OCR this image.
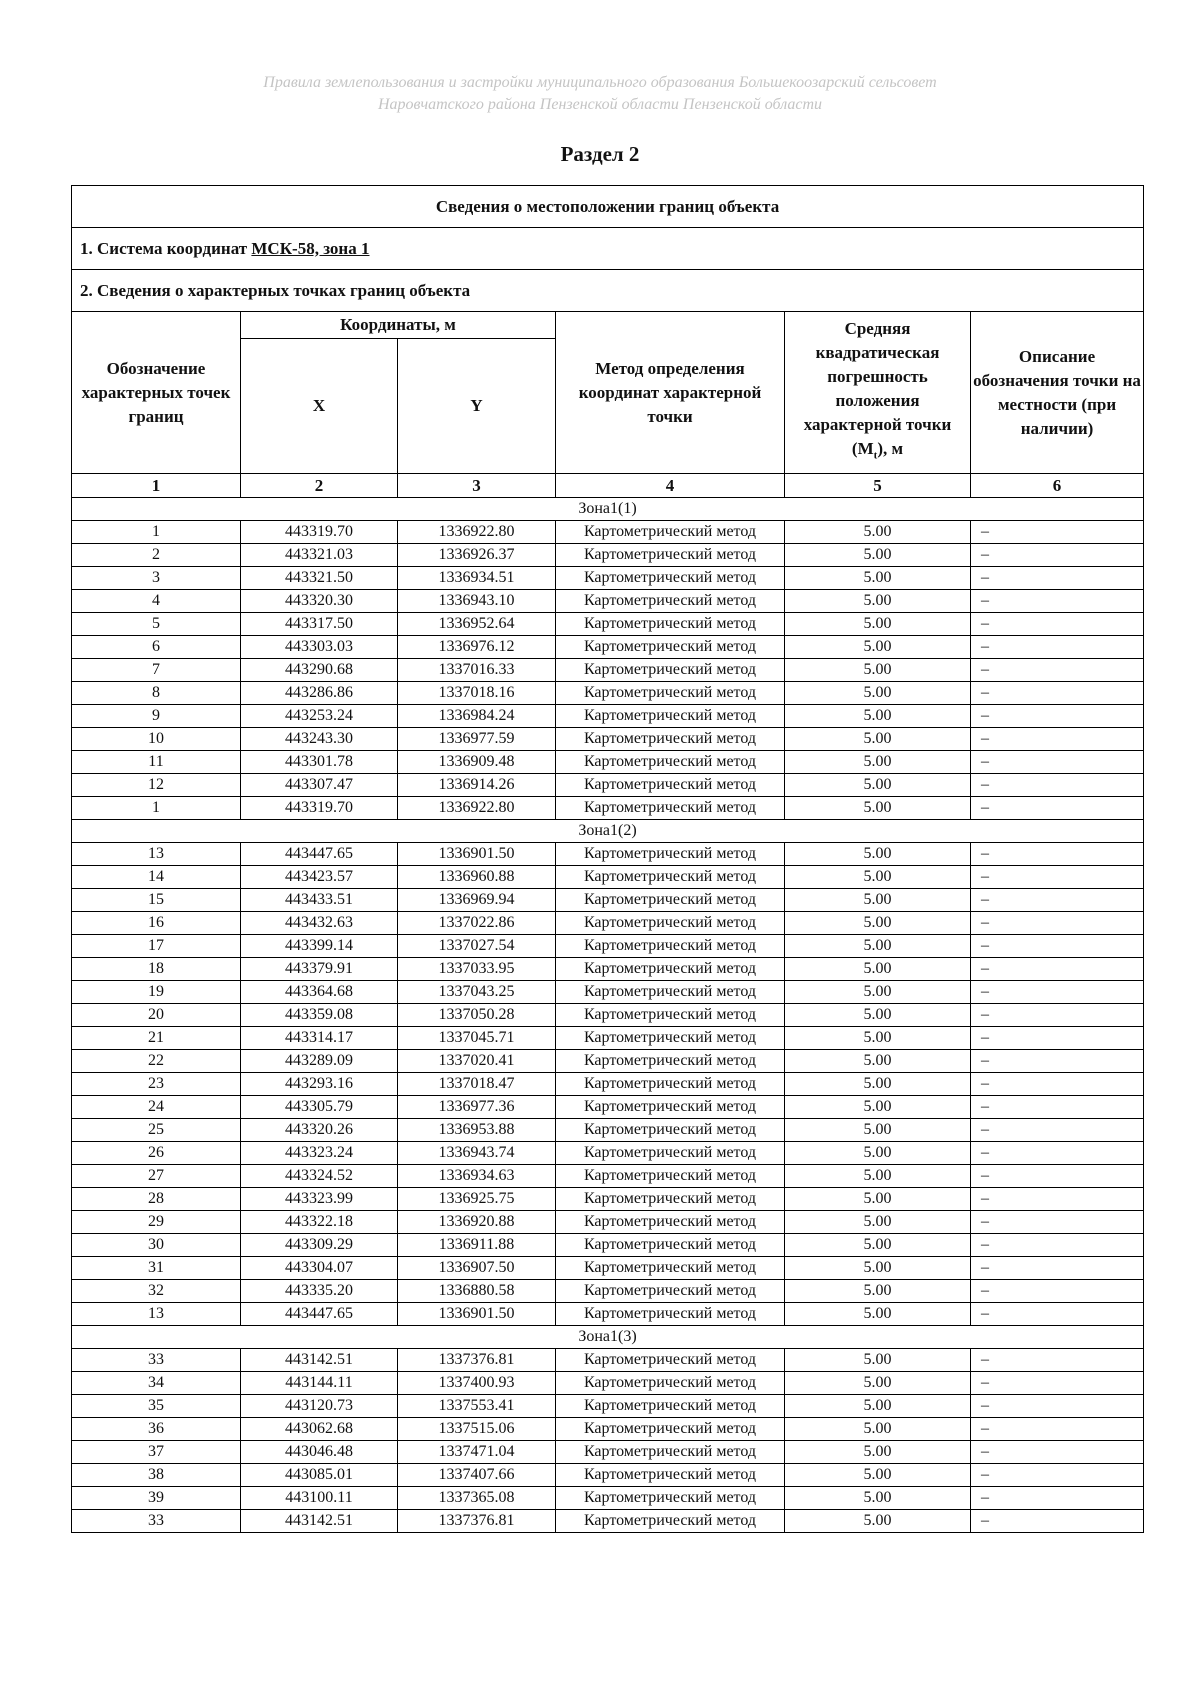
Правила землепользования и застройки муниципального образования Большекоозарский сельсовет
Наровчатского района Пензенской области Пензенской области
Раздел 2
Сведения о местоположении границ объекта					
1. Система координат МСК-58, зона 1					
2. Сведения о характерных точках границ объекта					
Обозначение характерных точек границ	Координаты, м		Метод определения координат характерной точки	Средняя квадратическая погрешность положения характерной точки $(M_t)$, м	Описание обозначения точки на местности (при наличии)
	X	Y			
1	2	3	4	5	6
Зона1(1)					
1	443319.70	1336922.80	Картометрический метод	5.00	–
2	443321.03	1336926.37	Картометрический метод	5.00	–
3	443321.50	1336934.51	Картометрический метод	5.00	–
4	443320.30	1336943.10	Картометрический метод	5.00	–
5	443317.50	1336952.64	Картометрический метод	5.00	–
6	443303.03	1336976.12	Картометрический метод	5.00	–
7	443290.68	1337016.33	Картометрический метод	5.00	–
8	443286.86	1337018.16	Картометрический метод	5.00	–
9	443253.24	1336984.24	Картометрический метод	5.00	–
10	443243.30	1336977.59	Картометрический метод	5.00	–
11	443301.78	1336909.48	Картометрический метод	5.00	–
12	443307.47	1336914.26	Картометрический метод	5.00	–
1	443319.70	1336922.80	Картометрический метод	5.00	–
Зона1(2)					
13	443447.65	1336901.50	Картометрический метод	5.00	–
14	443423.57	1336960.88	Картометрический метод	5.00	–
15	443433.51	1336969.94	Картометрический метод	5.00	–
16	443432.63	1337022.86	Картометрический метод	5.00	–
17	443399.14	1337027.54	Картометрический метод	5.00	–
18	443379.91	1337033.95	Картометрический метод	5.00	–
19	443364.68	1337043.25	Картометрический метод	5.00	–
20	443359.08	1337050.28	Картометрический метод	5.00	–
21	443314.17	1337045.71	Картометрический метод	5.00	–
22	443289.09	1337020.41	Картометрический метод	5.00	–
23	443293.16	1337018.47	Картометрический метод	5.00	–
24	443305.79	1336977.36	Картометрический метод	5.00	–
25	443320.26	1336953.88	Картометрический метод	5.00	–
26	443323.24	1336943.74	Картометрический метод	5.00	–
27	443324.52	1336934.63	Картометрический метод	5.00	–
28	443323.99	1336925.75	Картометрический метод	5.00	–
29	443322.18	1336920.88	Картометрический метод	5.00	–
30	443309.29	1336911.88	Картометрический метод	5.00	–
31	443304.07	1336907.50	Картометрический метод	5.00	–
32	443335.20	1336880.58	Картометрический метод	5.00	–
13	443447.65	1336901.50	Картометрический метод	5.00	–
Зона1(3)					
33	443142.51	1337376.81	Картометрический метод	5.00	–
34	443144.11	1337400.93	Картометрический метод	5.00	–
35	443120.73	1337553.41	Картометрический метод	5.00	–
36	443062.68	1337515.06	Картометрический метод	5.00	–
37	443046.48	1337471.04	Картометрический метод	5.00	–
38	443085.01	1337407.66	Картометрический метод	5.00	–
39	443100.11	1337365.08	Картометрический метод	5.00	–
33	443142.51	1337376.81	Картометрический метод	5.00	–
